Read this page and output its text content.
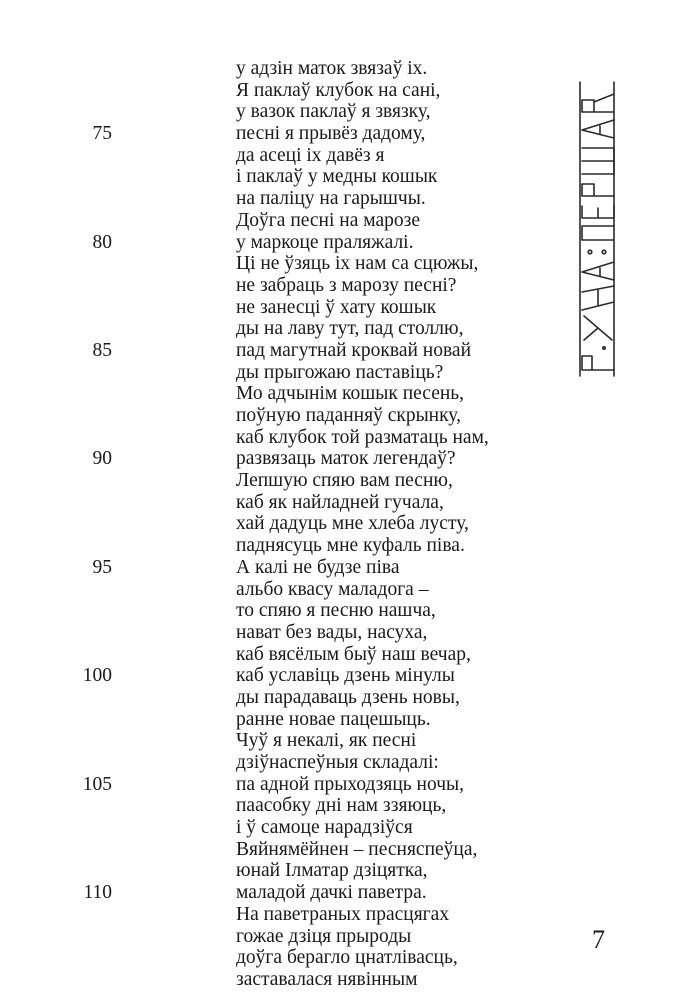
у адзін маток звязаў іх.
Я паклаў клубок на сані,
у вазок паклаў я звязку,
75	песні я прывёз дадому,
да асеці іх давёз я
і паклаў у медны кошык
на паліцу на гарышчы.
Доўга песні на марозе
80	у маркоце праляжалі.
Ці не ўзяць іх нам са сцюжы,
не забраць з марозу песні?
не занесці ў хату кошык
ды на лаву тут, пад столлю,
85	пад магутнай кроквай новай
ды прыгожаю паставіць?
Мо адчынім кошык песень,
поўную паданняў скрынку,
каб клубок той разматаць нам,
90	развязаць маток легендаў?
Лепшую спяю вам песню,
каб як найладней гучала,
хай дадуць мне хлеба лусту,
паднясуць мне куфаль піва.
95	А калі не будзе піва
альбо квасу маладога –
то спяю я песню нашча,
нават без вады, насуха,
каб вясёлым быў наш вечар,
100	каб уславіць дзень мінулы
ды парадаваць дзень новы,
ранне новае пацешыць.
Чуў я некалі, як песні
дзіўнаспеўныя складалі:
105	па адной прыходзяць ночы,
паасобку дні нам ззяюць,
і ў самоце нарадзіўся
Вяйнямёйнен – песняспеўца,
юнай Ілматар дзіцятка,
110	маладой дачкі паветра.
На паветраных прасцягах
гожае дзіця прыроды
доўга берагло цнатлівасць,
заставалася нявінным
7
